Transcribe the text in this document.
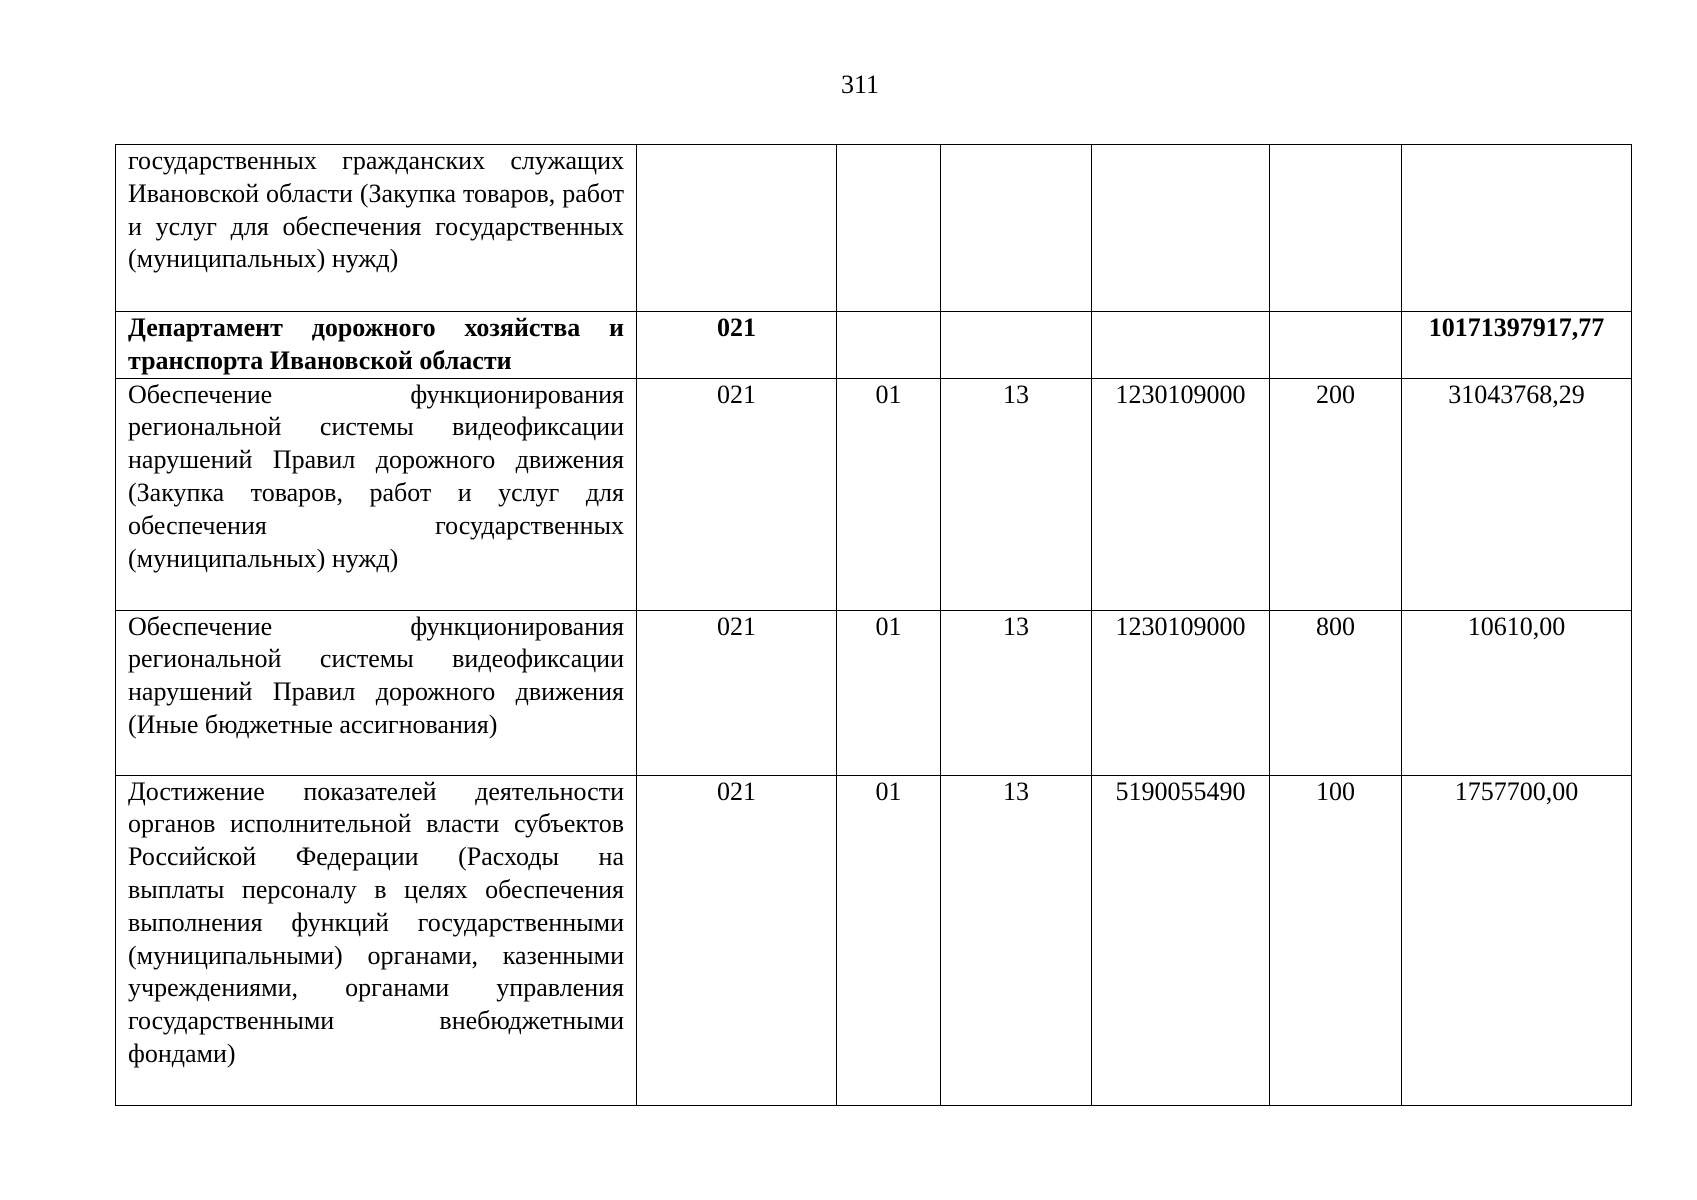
311
государственных гражданских служащих Ивановской области (Закупка товаров, работ и услуг для обеспечения государственных (муниципальных) нужд)						
Департамент дорожного хозяйства и транспорта Ивановской области	021					10171397917,77
Обеспечение функционирования региональной системы видеофиксации нарушений Правил дорожного движения (Закупка товаров, работ и услуг для обеспечения государственных (муниципальных) нужд)	021	01	13	1230109000	200	31043768,29
Обеспечение функционирования региональной системы видеофиксации нарушений Правил дорожного движения (Иные бюджетные ассигнования)	021	01	13	1230109000	800	10610,00
Достижение показателей деятельности органов исполнительной власти субъектов Российской Федерации (Расходы на выплаты персоналу в целях обеспечения выполнения функций государственными (муниципальными) органами, казенными учреждениями, органами управления государственными внебюджетными фондами)	021	01	13	5190055490	100	1757700,00
